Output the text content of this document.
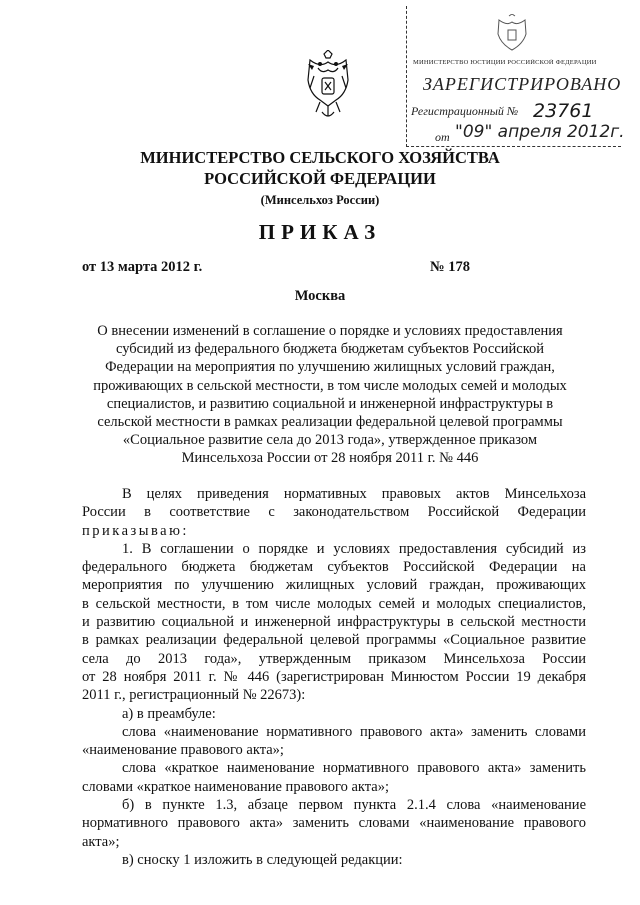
МИНИСТЕРСТВО ЮСТИЦИИ РОССИЙСКОЙ ФЕДЕРАЦИИ
ЗАРЕГИСТРИРОВАНО
Регистрационный № 23761
от "09" апреля 2012г.
МИНИСТЕРСТВО СЕЛЬСКОГО ХОЗЯЙСТВА
РОССИЙСКОЙ ФЕДЕРАЦИИ
(Минсельхоз России)
ПРИКАЗ
от 13 марта 2012 г.	№ 178
Москва
О внесении изменений в соглашение о порядке и условиях предоставления
субсидий из федерального бюджета бюджетам субъектов Российской
Федерации на мероприятия по улучшению жилищных условий граждан,
проживающих в сельской местности, в том числе молодых семей и молодых
специалистов, и развитию социальной и инженерной инфраструктуры в
сельской местности в рамках реализации федеральной целевой программы
«Социальное развитие села до 2013 года», утвержденное приказом
Минсельхоза России от 28 ноября 2011 г. № 446
В целях приведения нормативных правовых актов Минсельхоза
России в соответствие с законодательством Российской Федерации
приказываю:
1. В соглашении о порядке и условиях предоставления субсидий из
федерального бюджета бюджетам субъектов Российской Федерации на
мероприятия по улучшению жилищных условий граждан, проживающих
в сельской местности, в том числе молодых семей и молодых специалистов,
и развитию социальной и инженерной инфраструктуры в сельской местности
в рамках реализации федеральной целевой программы «Социальное развитие
села до 2013 года», утвержденным приказом Минсельхоза России
от 28 ноября 2011 г. № 446 (зарегистрирован Минюстом России 19 декабря
2011 г., регистрационный № 22673):
а) в преамбуле:
слова «наименование нормативного правового акта» заменить словами
«наименование правового акта»;
слова «краткое наименование нормативного правового акта» заменить
словами «краткое наименование правового акта»;
б) в пункте 1.3, абзаце первом пункта 2.1.4 слова «наименование
нормативного правового акта» заменить словами «наименование правового
акта»;
в) сноску 1 изложить в следующей редакции:
